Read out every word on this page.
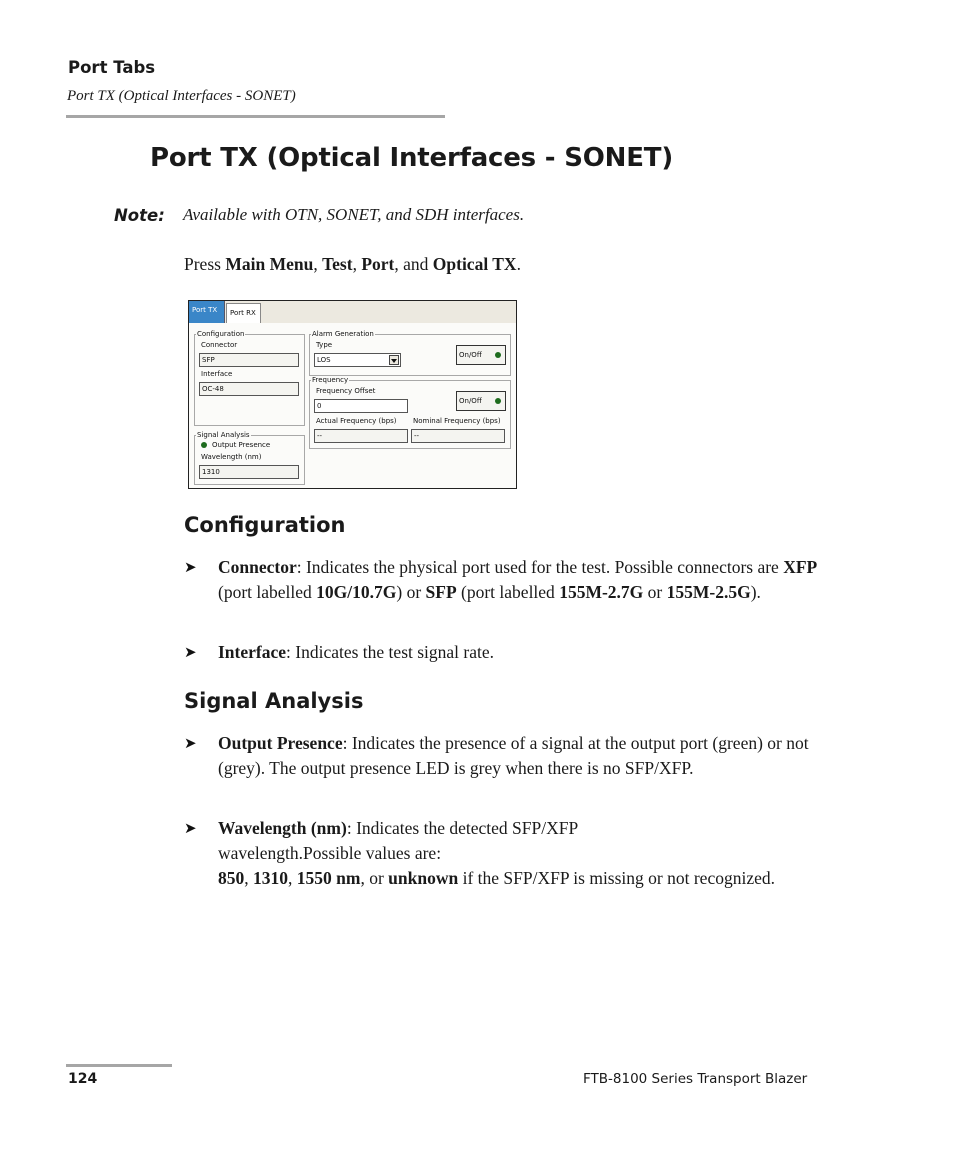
Port Tabs
Port TX (Optical Interfaces - SONET)
Port TX (Optical Interfaces - SONET)
Note: Available with OTN, SONET, and SDH interfaces.
Press Main Menu, Test, Port, and Optical TX.
Port TX	Port RX
Configuration
Connector
SFP
Interface
OC-48
Signal Analysis
Output Presence
Wavelength (nm)
1310
Alarm Generation
Type
LOS
On/Off
Frequency
Frequency Offset
0
On/Off
Actual Frequency (bps)
--
Nominal Frequency (bps)
--
Configuration
➤ Connector: Indicates the physical port used for the test. Possible connectors are XFP (port labelled 10G/10.7G) or SFP (port labelled 155M-2.7G or 155M-2.5G).
➤ Interface: Indicates the test signal rate.
Signal Analysis
➤ Output Presence: Indicates the presence of a signal at the output port (green) or not (grey). The output presence LED is grey when there is no SFP/XFP.
➤ Wavelength (nm): Indicates the detected SFP/XFP wavelength.Possible values are:
850, 1310, 1550 nm, or unknown if the SFP/XFP is missing or not recognized.
124	FTB-8100 Series Transport Blazer
